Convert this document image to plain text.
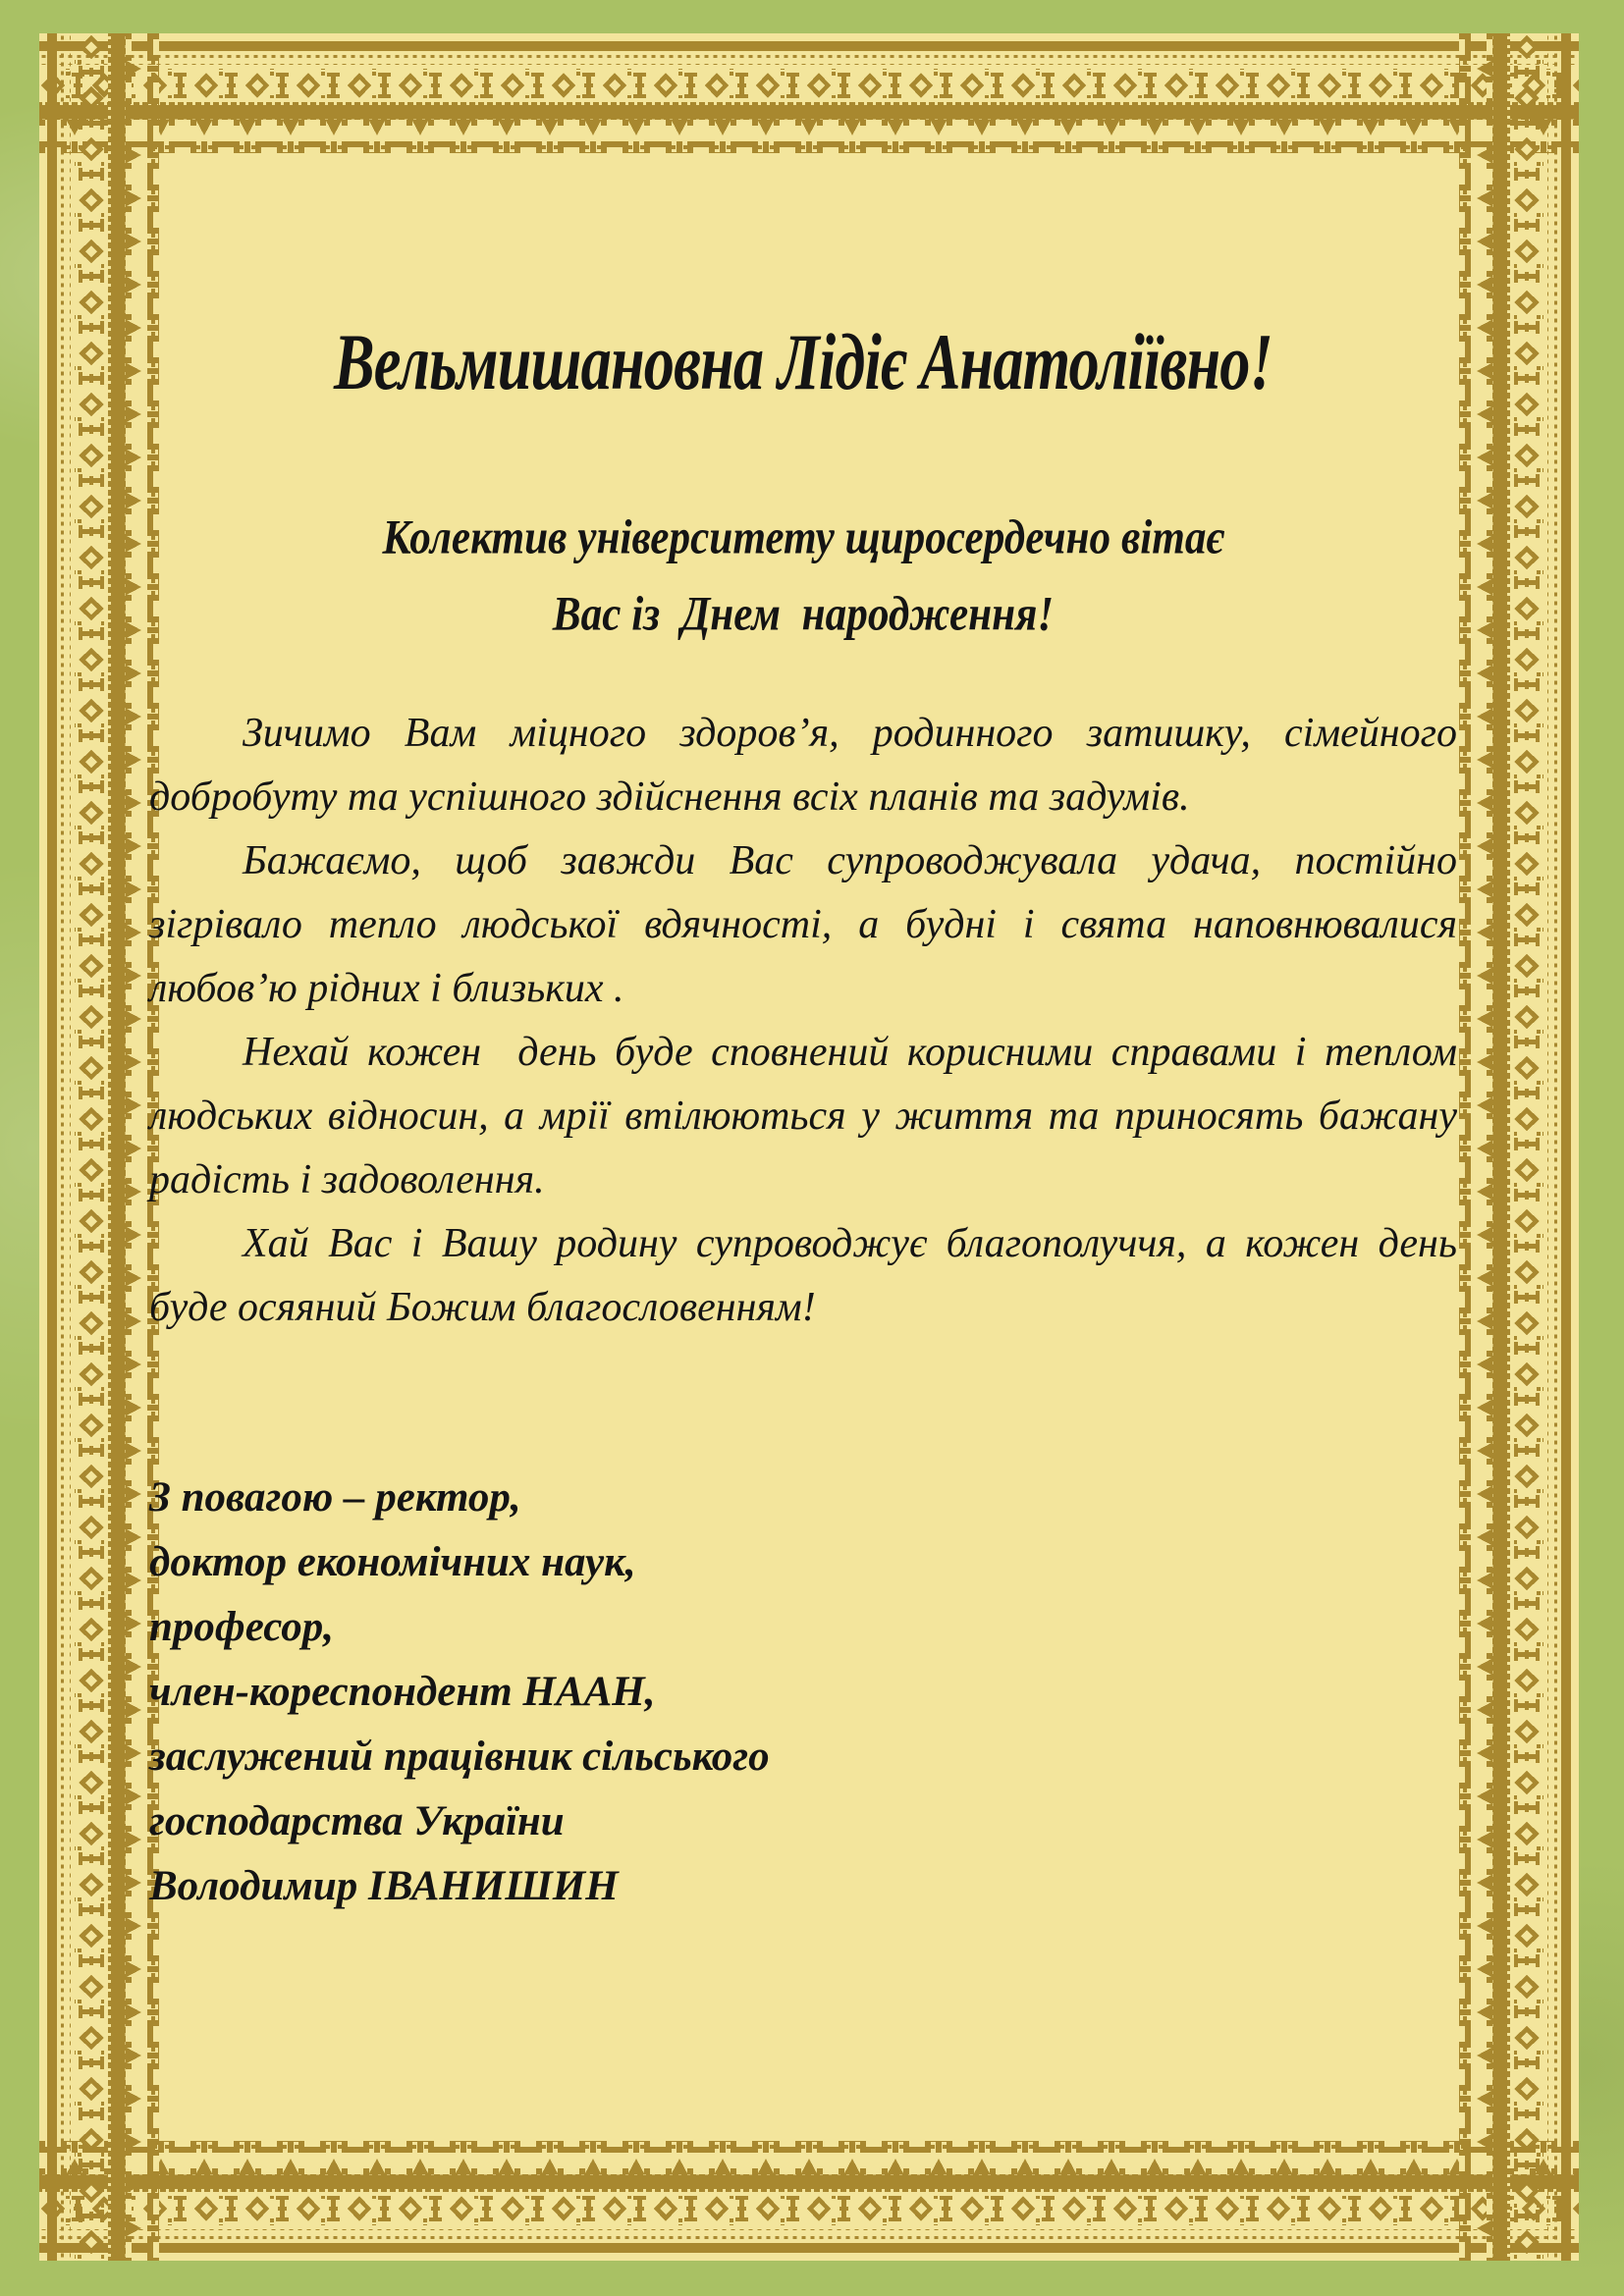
Вельмишановна Лідіє Анатоліївно!
Колектив університету щиросердечно вітає
Вас із  Днем  народження!

Зичимо Вам міцного здоров’я, родинного затишку, сімейного добробуту та успішного здійснення всіх планів та задумів.

Бажаємо, щоб завжди Вас супроводжувала удача, постійно зігрівало тепло людської вдячності, а будні і свята наповнювалися любов’ю рідних і близьких .

Нехай кожен  день буде сповнений корисними справами і теплом людських відносин, а мрії втілюються у життя та приносять бажану радість і задоволення.

Хай Вас і Вашу родину супроводжує благополуччя, а кожен день буде осяяний Божим благословенням!

З повагою – ректор,
доктор економічних наук,
професор,
член-кореспондент НААН,
заслужений працівник сільського
господарства України
Володимир ІВАНИШИН
